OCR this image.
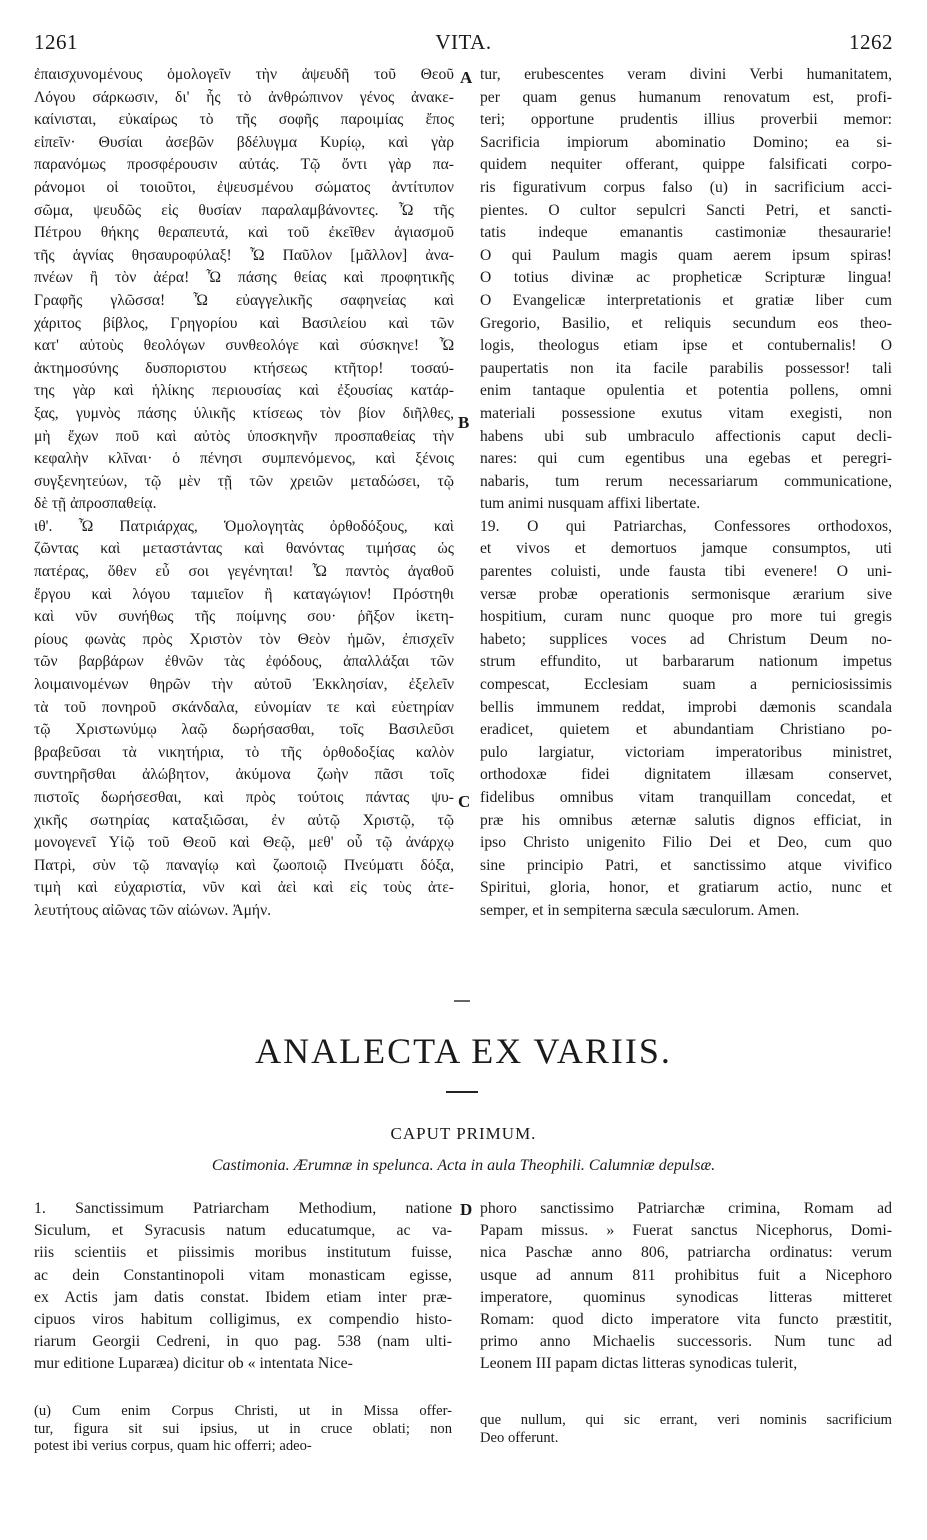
VITA.
1261	1262

ἐπαισχυνομένους ὁμολογεῖν τὴν ἀψευδῆ τοῦ Θεοῦ

Λόγου σάρκωσιν, δι' ἧς τὸ ἀνθρώπινον γένος ἀνακε-

καίνισται, εὐκαίρως τὸ τῆς σοφῆς παροιμίας ἔπος

εἰπεῖν· Θυσίαι ἀσεβῶν βδέλυγμα Κυρίῳ, καὶ γὰρ

παρανόμως προσφέρουσιν αὐτάς. Τῷ ὄντι γὰρ πα-

ράνομοι οἱ τοιοῦτοι, ἐψευσμένου σώματος ἀντίτυπον

σῶμα, ψευδῶς εἰς θυσίαν παραλαμβάνοντες. Ὦ τῆς

Πέτρου θήκης θεραπευτά, καὶ τοῦ ἐκεῖθεν ἁγιασμοῦ

τῆς ἁγνίας θησαυροφύλαξ! Ὦ Παῦλον [μᾶλλον] ἀνα-

πνέων ἢ τὸν ἀέρα! Ὦ πάσης θείας καὶ προφητικῆς

Γραφῆς γλῶσσα! Ὦ εὐαγγελικῆς σαφηνείας καὶ

χάριτος βίβλος, Γρηγορίου καὶ Βασιλείου καὶ τῶν

κατ' αὐτοὺς θεολόγων συνθεολόγε καὶ σύσκηνε! Ὦ

ἀκτημοσύνης δυσποριστου κτήσεως κτῆτορ! τοσαύ-

της γὰρ καὶ ἡλίκης περιουσίας καὶ ἐξουσίας κατάρ-

ξας, γυμνὸς πάσης ὑλικῆς κτίσεως τὸν βίον διῆλθες,

μὴ ἔχων ποῦ καὶ αὐτὸς ὑποσκηνῆν προσπαθείας τὴν

κεφαλὴν κλῖναι· ὁ πένησι συμπενόμενος, καὶ ξένοις

συγξενητεύων, τῷ μὲν τῇ τῶν χρειῶν μεταδώσει, τῷ

δὲ τῇ ἀπροσπαθείᾳ.

ιθ'. Ὦ Πατριάρχας, Ὁμολογητὰς ὀρθοδόξους, καὶ

ζῶντας καὶ μεταστάντας καὶ θανόντας τιμήσας ὡς

πατέρας, ὅθεν εὖ σοι γεγένηται! Ὦ παντὸς ἀγαθοῦ

ἔργου καὶ λόγου ταμιεῖον ἢ καταγώγιον! Πρόστηθι

καὶ νῦν συνήθως τῆς ποίμνης σου· ῥῆξον ἱκετη-

ρίους φωνὰς πρὸς Χριστὸν τὸν Θεὸν ἡμῶν, ἐπισχεῖν

τῶν βαρβάρων ἐθνῶν τὰς ἐφόδους, ἀπαλλάξαι τῶν

λοιμαινομένων θηρῶν τὴν αὐτοῦ Ἐκκλησίαν, ἐξελεῖν

τὰ τοῦ πονηροῦ σκάνδαλα, εὐνομίαν τε καὶ εὐετηρίαν

τῷ Χριστωνύμῳ λαῷ δωρήσασθαι, τοῖς Βασιλεῦσι

βραβεῦσαι τὰ νικητήρια, τὸ τῆς ὀρθοδοξίας καλὸν

συντηρῆσθαι ἀλώβητον, ἀκύμονα ζωὴν πᾶσι τοῖς

πιστοῖς δωρήσεσθαι, καὶ πρὸς τούτοις πάντας ψυ-

χικῆς σωτηρίας καταξιῶσαι, ἐν αὐτῷ Χριστῷ, τῷ

μονογενεῖ Υἱῷ τοῦ Θεοῦ καὶ Θεῷ, μεθ' οὗ τῷ ἀνάρχῳ

Πατρὶ, σὺν τῷ παναγίῳ καὶ ζωοποιῷ Πνεύματι δόξα,

τιμὴ καὶ εὐχαριστία, νῦν καὶ ἀεὶ καὶ εἰς τοὺς ἀτε-

λευτήτους αἰῶνας τῶν αἰώνων. Ἀμήν.

tur, erubescentes veram divini Verbi humanitatem,

per quam genus humanum renovatum est, profi-

teri; opportune prudentis illius proverbii memor:

Sacrificia impiorum abominatio Domino; ea si-

quidem nequiter offerant, quippe falsificati corpo-

ris figurativum corpus falso (u) in sacrificium acci-

pientes. O cultor sepulcri Sancti Petri, et sancti-

tatis indeque emanantis castimoniæ thesaurarie!

O qui Paulum magis quam aerem ipsum spiras!

O totius divinæ ac propheticæ Scripturæ lingua!

O Evangelicæ interpretationis et gratiæ liber cum

Gregorio, Basilio, et reliquis secundum eos theo-

logis, theologus etiam ipse et contubernalis! O

paupertatis non ita facile parabilis possessor! tali

enim tantaque opulentia et potentia pollens, omni

materiali possessione exutus vitam exegisti, non

habens ubi sub umbraculo affectionis caput decli-

nares: qui cum egentibus una egebas et peregri-

nabaris, tum rerum necessariarum communicatione,

tum animi nusquam affixi libertate.

19. O qui Patriarchas, Confessores orthodoxos,

et vivos et demortuos jamque consumptos, uti

parentes coluisti, unde fausta tibi evenere! O uni-

versæ probæ operationis sermonisque ærarium sive

hospitium, curam nunc quoque pro more tui gregis

habeto; supplices voces ad Christum Deum no-

strum effundito, ut barbararum nationum impetus

compescat, Ecclesiam suam a perniciosissimis

bellis immunem reddat, improbi dæmonis scandala

eradicet, quietem et abundantiam Christiano po-

pulo largiatur, victoriam imperatoribus ministret,

orthodoxæ fidei dignitatem illæsam conservet,

fidelibus omnibus vitam tranquillam concedat, et

præ his omnibus æternæ salutis dignos efficiat, in

ipso Christo unigenito Filio Dei et Deo, cum quo

sine principio Patri, et sanctissimo atque vivifico

Spiritui, gloria, honor, et gratiarum actio, nunc et

semper, et in sempiterna sæcula sæculorum. Amen.

A
B
C
D
ANALECTA EX VARIIS.
CAPUT PRIMUM.
Castimonia. Ærumnæ in spelunca. Acta in aula Theophili. Calumniæ depulsæ.

1. Sanctissimum Patriarcham Methodium, natione

Siculum, et Syracusis natum educatumque, ac va-

riis scientiis et piissimis moribus institutum fuisse,

ac dein Constantinopoli vitam monasticam egisse,

ex Actis jam datis constat. Ibidem etiam inter præ-

cipuos viros habitum colligimus, ex compendio histo-

riarum Georgii Cedreni, in quo pag. 538 (nam ulti-

mur editione Luparæa) dicitur ob « intentata Nice-

phoro sanctissimo Patriarchæ crimina, Romam ad

Papam missus. » Fuerat sanctus Nicephorus, Domi-

nica Paschæ anno 806, patriarcha ordinatus: verum

usque ad annum 811 prohibitus fuit a Nicephoro

imperatore, quominus synodicas litteras mitteret

Romam: quod dicto imperatore vita functo præstitit,

primo anno Michaelis successoris. Num tunc ad

Leonem III papam dictas litteras synodicas tulerit,

(u) Cum enim Corpus Christi, ut in Missa offer-

tur, figura sit sui ipsius, ut in cruce oblati; non

potest ibi verius corpus, quam hic offerri; adeo-

que nullum, qui sic errant, veri nominis sacrificium

Deo offerunt.
